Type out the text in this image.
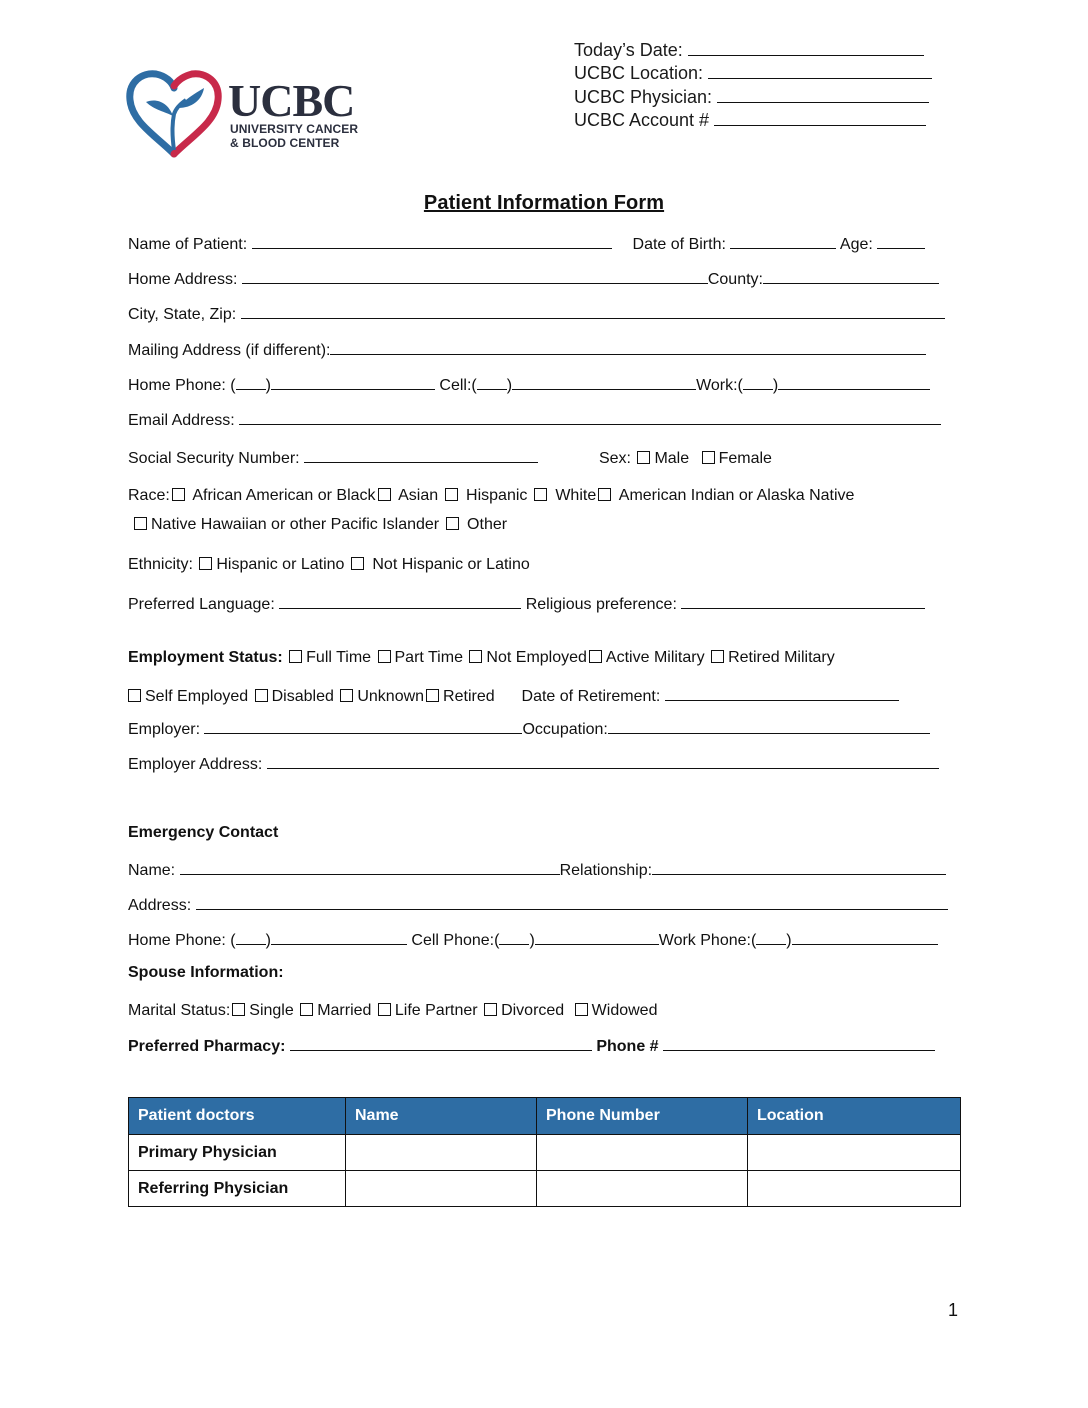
UCBC
UNIVERSITY CANCER
& BLOOD CENTER
Today’s Date:
UCBC Location:
UCBC Physician:
UCBC Account #
Patient Information Form
Name of Patient:	Date of Birth:	Age:
Home Address:	County:
City, State, Zip:
Mailing Address (if different):
Home Phone: ( )	Cell:( )	Work:( )
Email Address:
Social Security Number:	Sex: Male Female
Race: African American or Black Asian Hispanic White American Indian or Alaska Native
Native Hawaiian or other Pacific Islander Other
Ethnicity: Hispanic or Latino Not Hispanic or Latino
Preferred Language:	Religious preference:
Employment Status: Full Time Part Time Not Employed Active Military Retired Military
Self Employed Disabled Unknown Retired Date of Retirement:
Employer:	Occupation:
Employer Address:
Emergency Contact
Name:	Relationship:
Address:
Home Phone: ( )	Cell Phone:( )	Work Phone:( )
Spouse Information:
Marital Status: Single Married Life Partner Divorced Widowed
Preferred Pharmacy:	Phone #
Patient doctors	Name	Phone Number	Location
Primary Physician			
Referring Physician			
1
